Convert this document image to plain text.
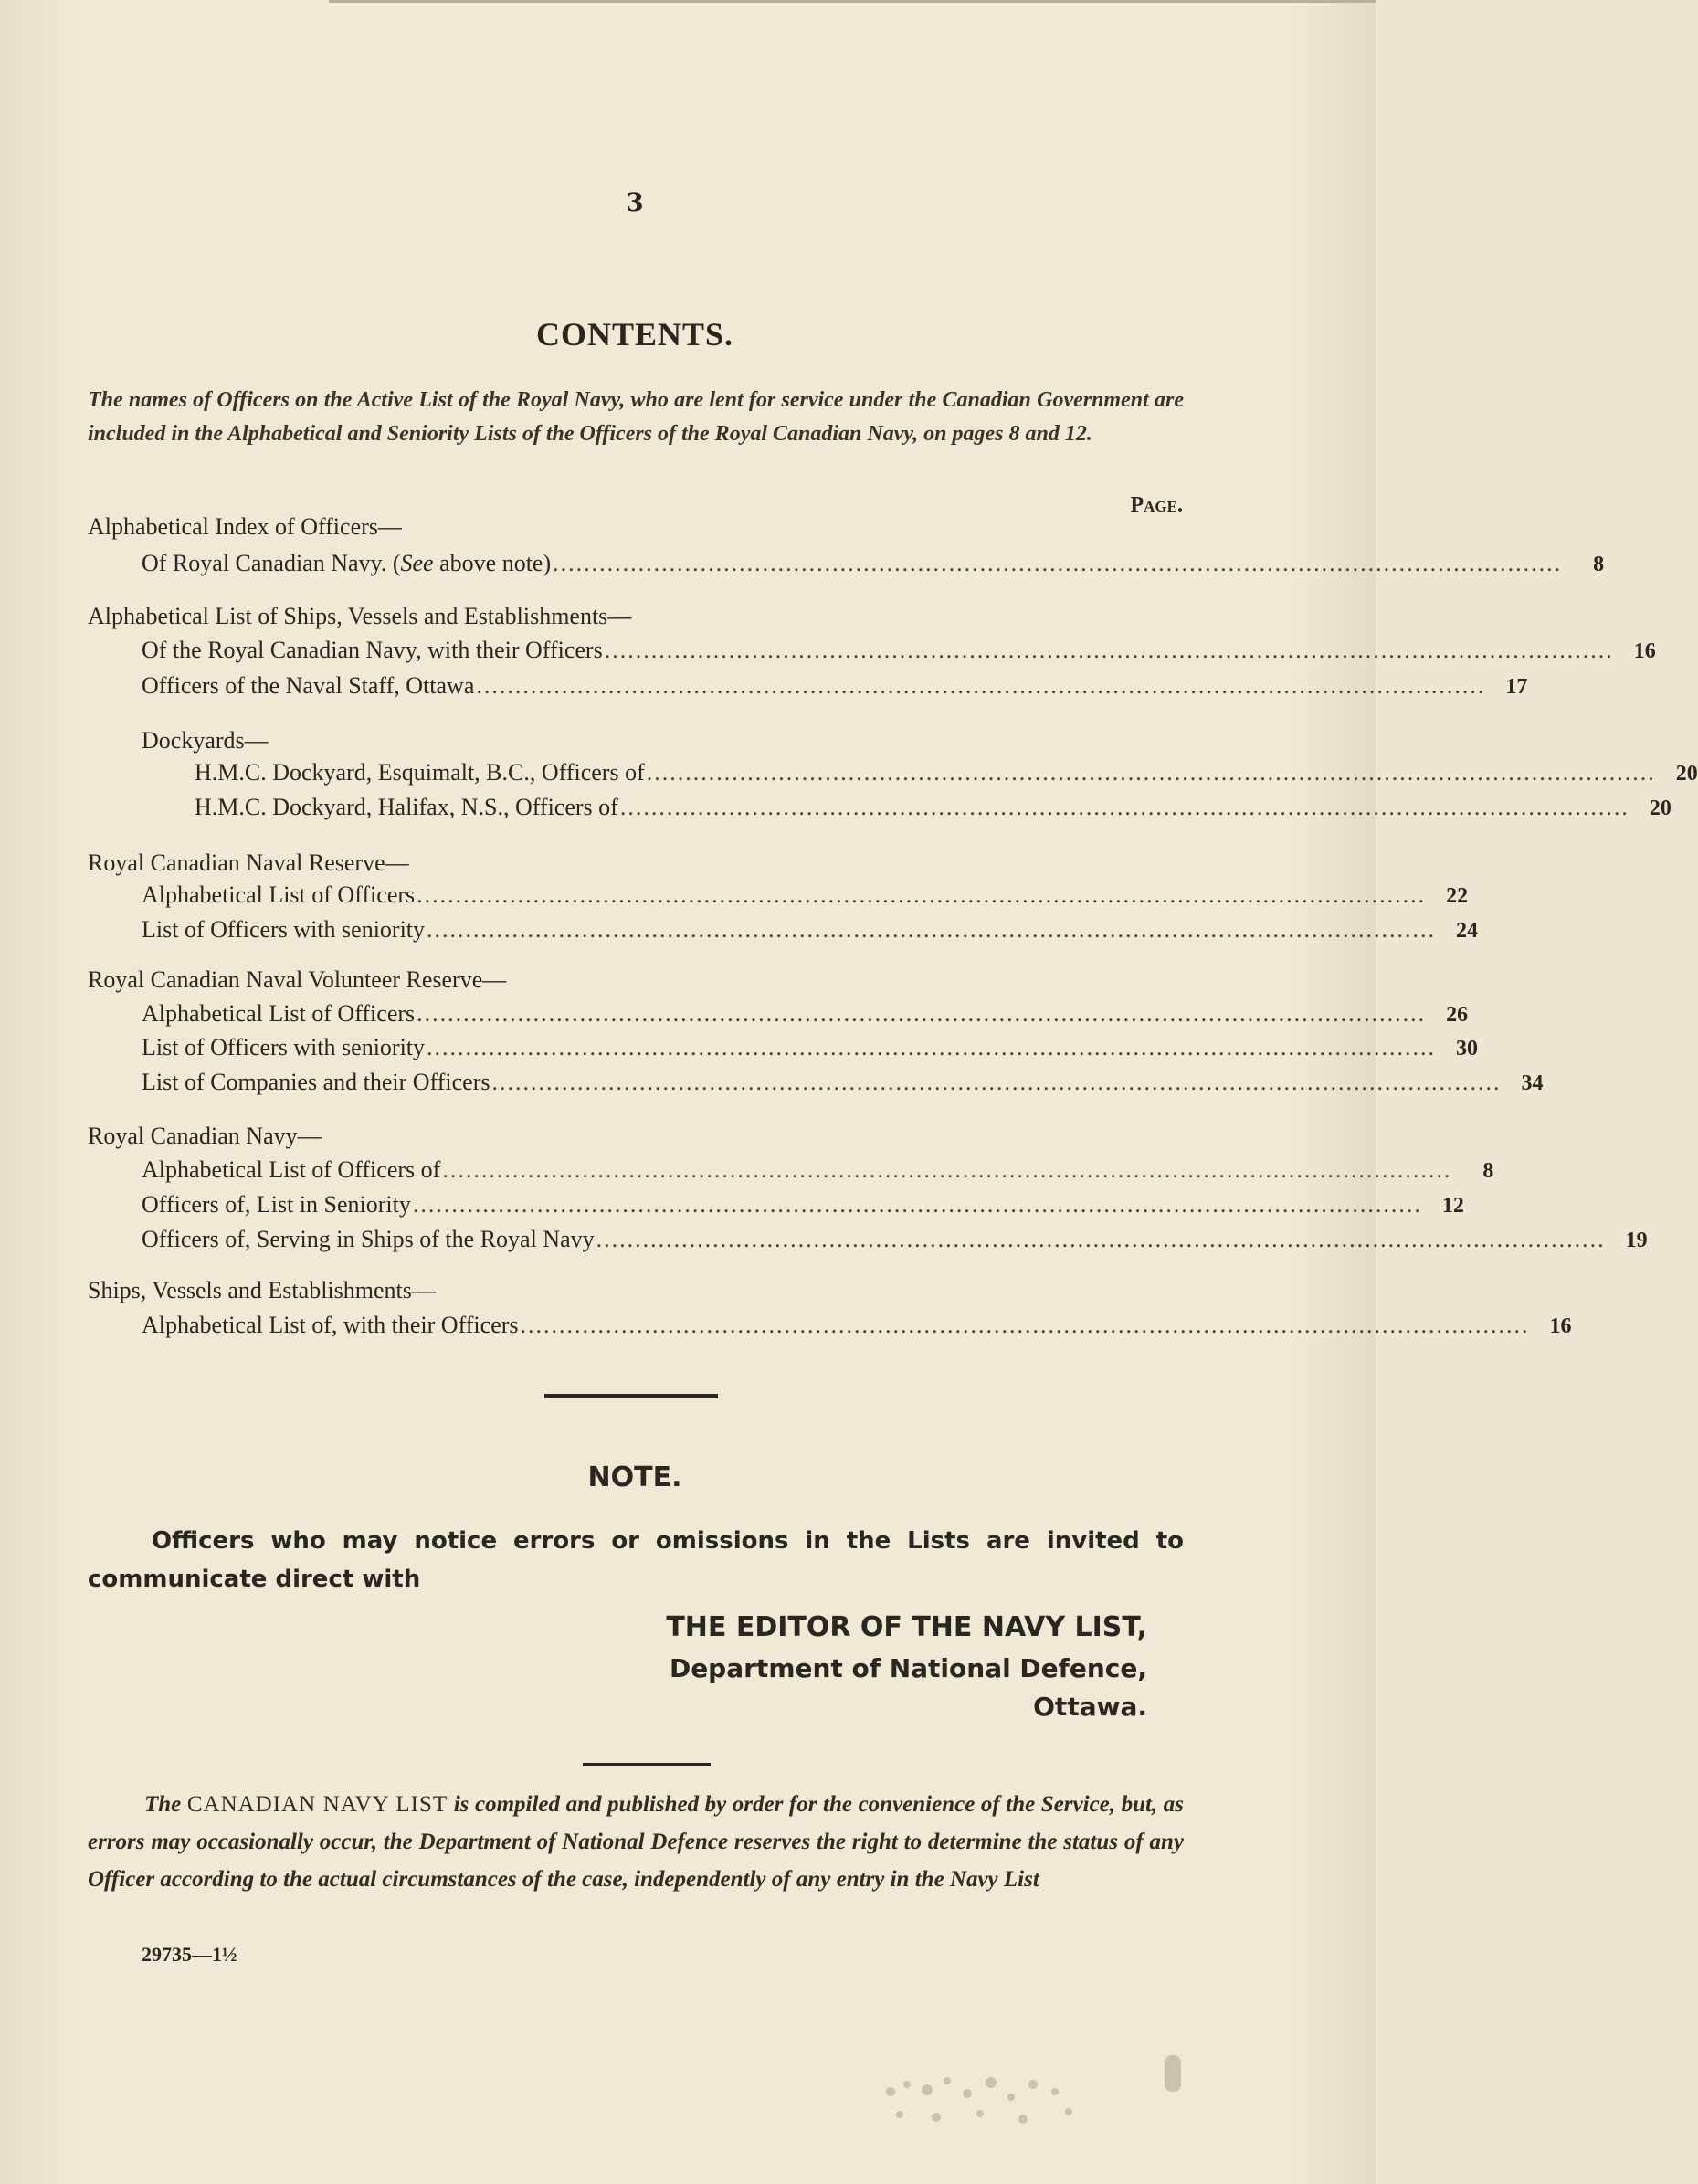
3
CONTENTS.
The names of Officers on the Active List of the Royal Navy, who are lent for service under the Canadian Government are included in the Alphabetical and Seniority Lists of the Officers of the Royal Canadian Navy, on pages 8 and 12.
Page.
Alphabetical Index of Officers—
Of Royal Canadian Navy. (See above note) ..................................................................................................................................	8
Alphabetical List of Ships, Vessels and Establishments—
Of the Royal Canadian Navy, with their Officers .................................................................................................................................. 16
Officers of the Naval Staff, Ottawa .................................................................................................................................. 17
Dockyards—
H.M.C. Dockyard, Esquimalt, B.C., Officers of .................................................................................................................................. 20
H.M.C. Dockyard, Halifax, N.S., Officers of .................................................................................................................................. 20
Royal Canadian Naval Reserve—
Alphabetical List of Officers .................................................................................................................................. 22
List of Officers with seniority .................................................................................................................................. 24
Royal Canadian Naval Volunteer Reserve—
Alphabetical List of Officers .................................................................................................................................. 26
List of Officers with seniority .................................................................................................................................. 30
List of Companies and their Officers .................................................................................................................................. 34
Royal Canadian Navy—
Alphabetical List of Officers of ..................................................................................................................................	8
Officers of, List in Seniority .................................................................................................................................. 12
Officers of, Serving in Ships of the Royal Navy .................................................................................................................................. 19
Ships, Vessels and Establishments—
Alphabetical List of, with their Officers .................................................................................................................................. 16
NOTE.
Officers who may notice errors or omissions in the Lists are invited to communicate direct with
THE EDITOR OF THE NAVY LIST,
Department of National Defence,
Ottawa.
The CANADIAN NAVY LIST is compiled and published by order for the convenience of the Service, but, as errors may occasionally occur, the Department of National Defence reserves the right to determine the status of any Officer according to the actual circumstances of the case, independently of any entry in the Navy List
29735—1½
